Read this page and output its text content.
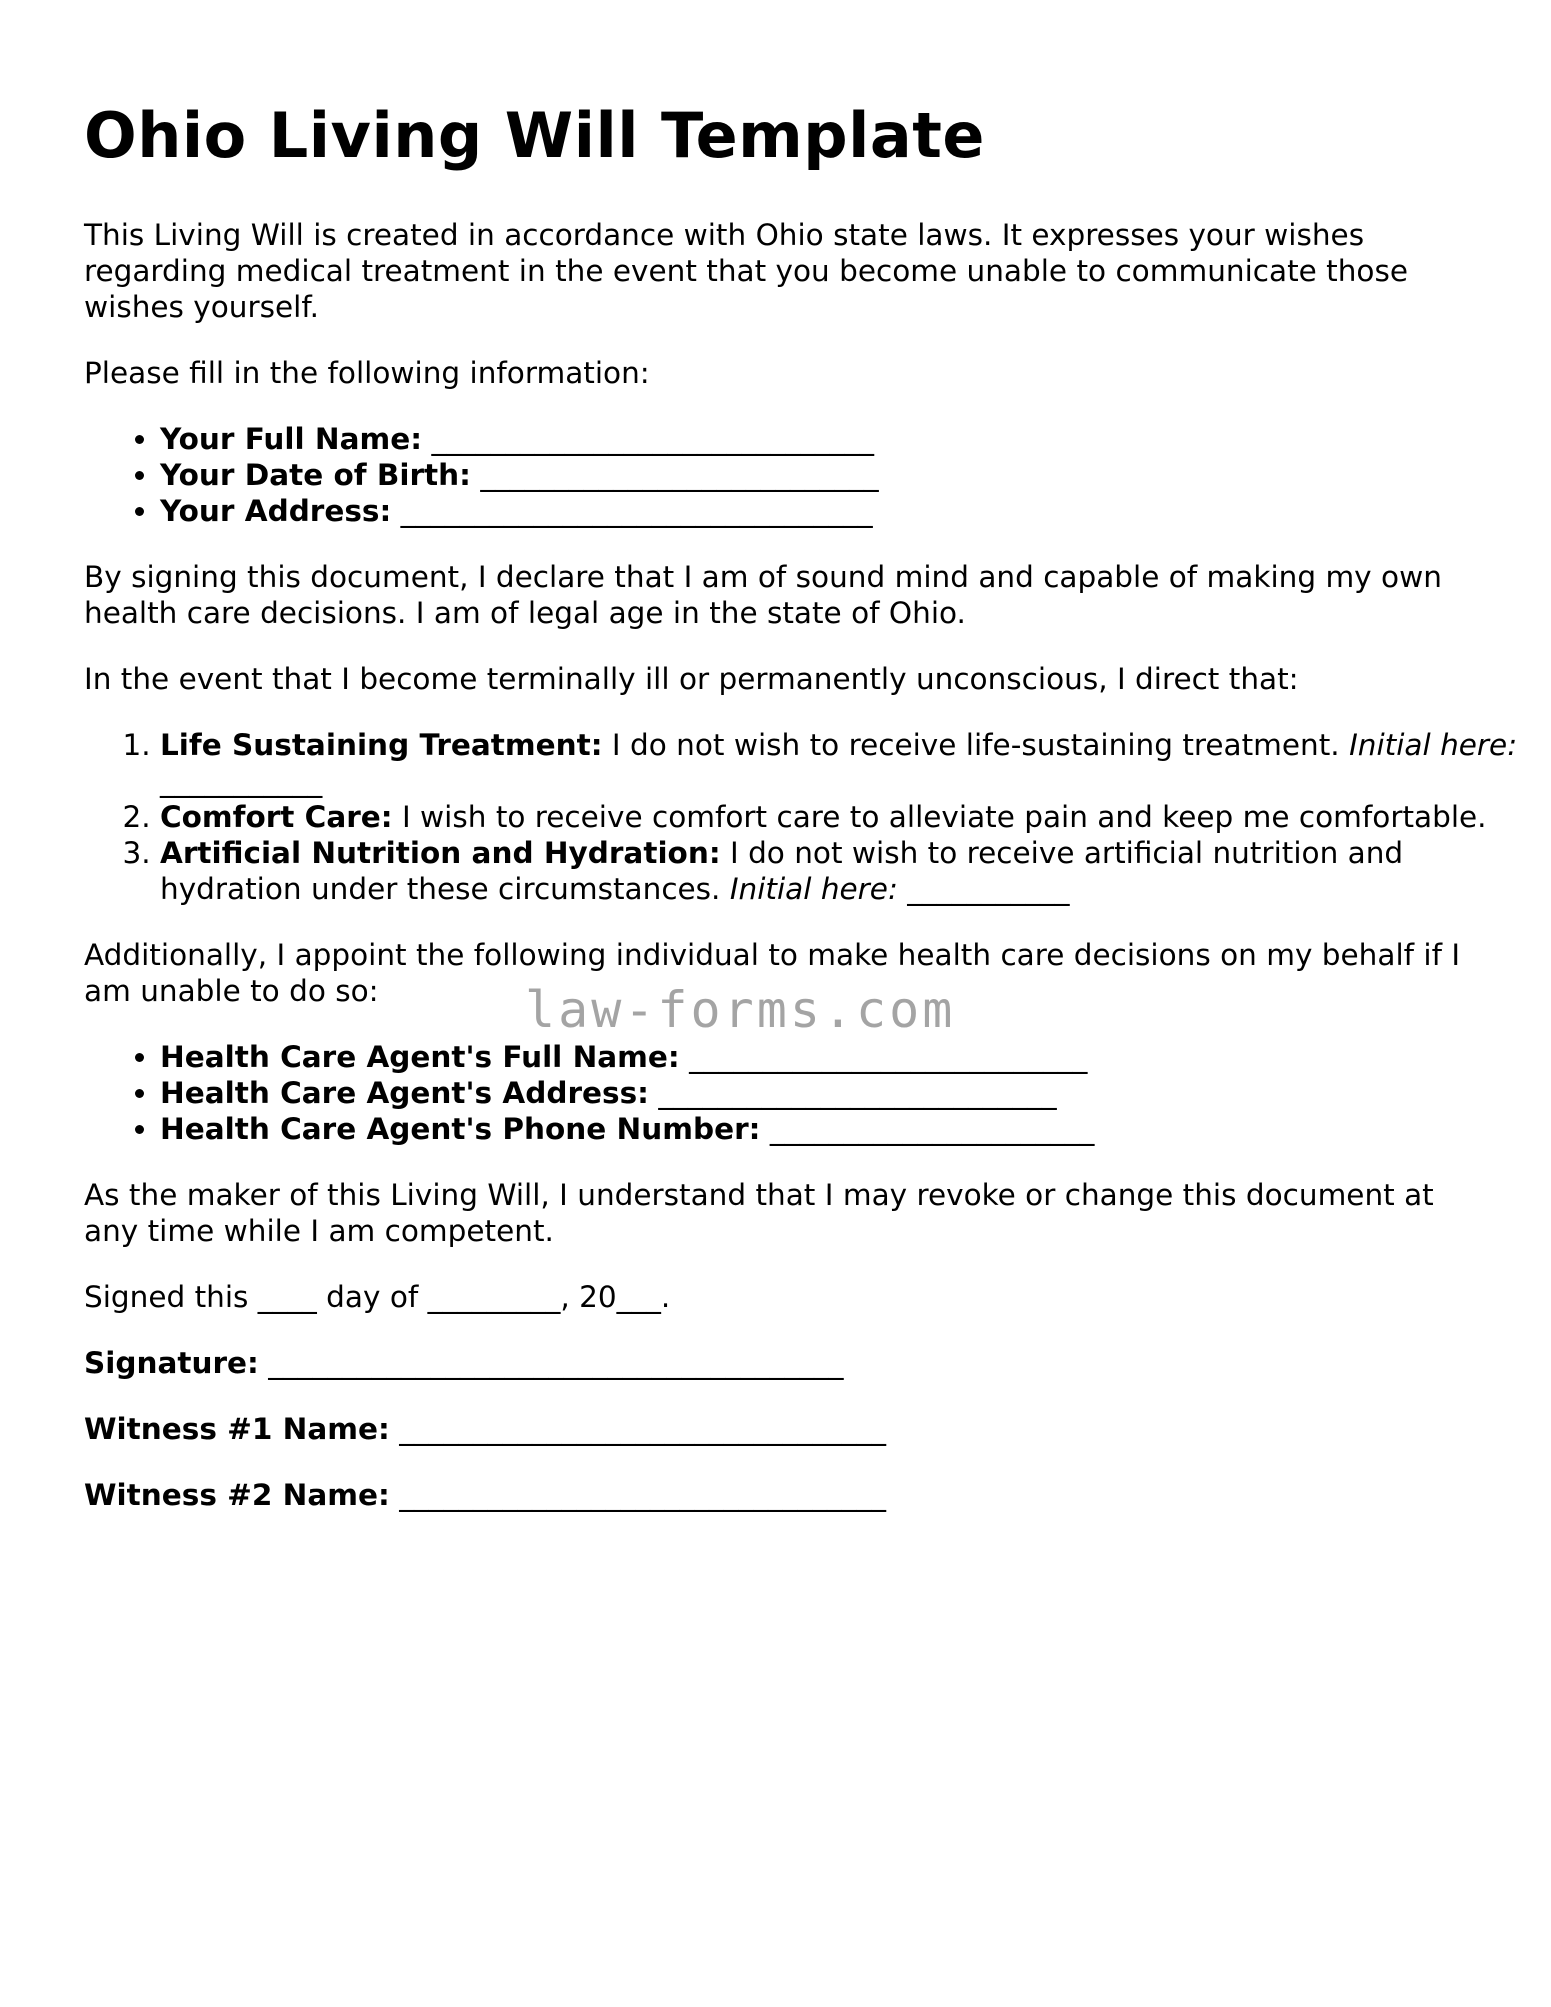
Ohio Living Will Template

This Living Will is created in accordance with Ohio state laws. It expresses your wishes regarding medical treatment in the event that you become unable to communicate those wishes yourself.

Please fill in the following information:

• Your Full Name: ______________________________
• Your Date of Birth: ___________________________
• Your Address: ________________________________

By signing this document, I declare that I am of sound mind and capable of making my own health care decisions. I am of legal age in the state of Ohio.

In the event that I become terminally ill or permanently unconscious, I direct that:

1. Life Sustaining Treatment: I do not wish to receive life-sustaining treatment. Initial here: ___________
2. Comfort Care: I wish to receive comfort care to alleviate pain and keep me comfortable.
3. Artificial Nutrition and Hydration: I do not wish to receive artificial nutrition and hydration under these circumstances. Initial here: ___________

Additionally, I appoint the following individual to make health care decisions on my behalf if I am unable to do so:

• Health Care Agent's Full Name: ___________________________
• Health Care Agent's Address: ___________________________
• Health Care Agent's Phone Number: ______________________

As the maker of this Living Will, I understand that I may revoke or change this document at any time while I am competent.

Signed this ____ day of _________, 20___.

Signature: _______________________________________

Witness #1 Name: _________________________________

Witness #2 Name: _________________________________

law-forms.com
